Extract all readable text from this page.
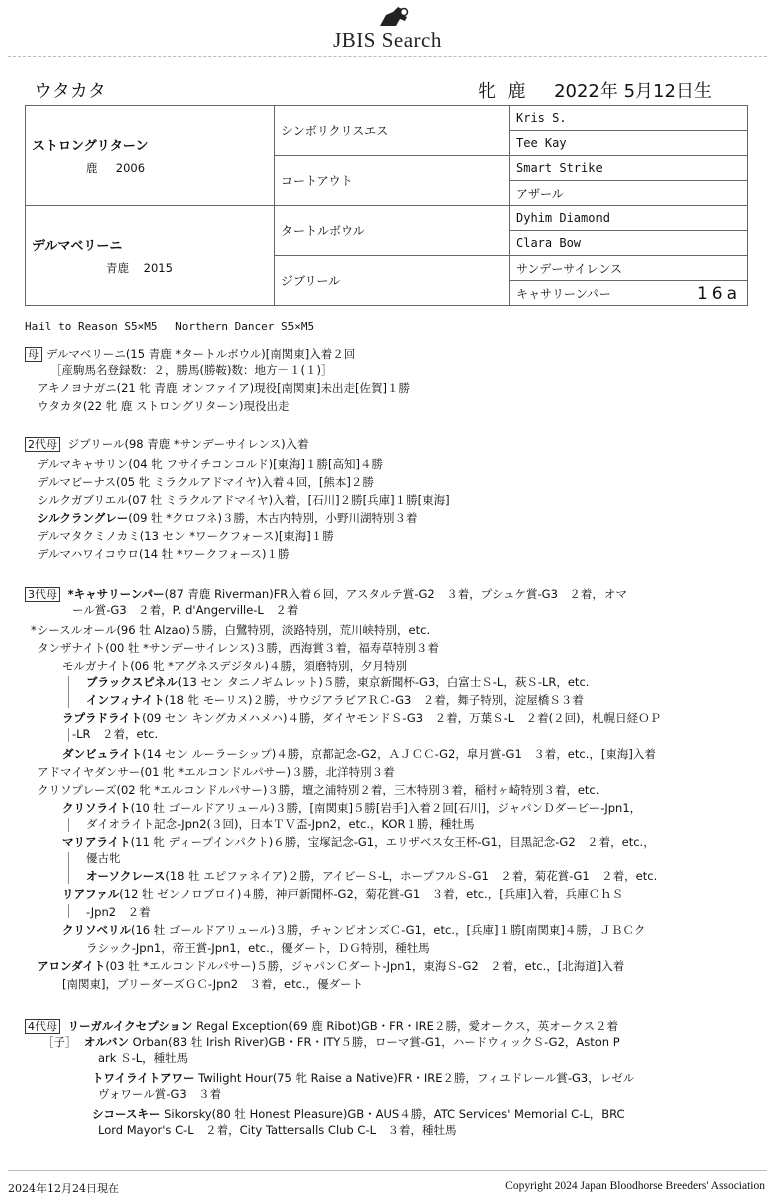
JBIS Search
ウタカタ	牝 鹿 2022年 5月12日生
ストロングリターン
鹿 2006	シンボリクリスエス	Kris S.
		Tee Kay
	コートアウト	Smart Strike
		アザール
デルマベリーニ
青鹿 2015	タートルボウル	Dyhim Diamond
		Clara Bow
	ジブリール	サンデーサイレンス
		キャサリーンパー 16a
Hail to Reason S5×M5　 Northern Dancer S5×M5
母 デルマベリーニ(15 青鹿 *タートルボウル)[南関東]入着２回
［産駒馬名登録数：２，勝馬(勝鞍)数：地方－１(１)］
アキノヨナガニ(21 牝 青鹿 オンファイア)現役[南関東]未出走[佐賀]１勝
ウタカタ(22 牝 鹿 ストロングリターン)現役出走
2代母 ジブリール(98 青鹿 *サンデーサイレンス)入着
デルマキャサリン(04 牝 フサイチコンコルド)[東海]１勝[高知]４勝
デルマビーナス(05 牝 ミラクルアドマイヤ)入着４回，[熊本]２勝
シルクガブリエル(07 牡 ミラクルアドマイヤ)入着，[石川]２勝[兵庫]１勝[東海]
シルクラングレー(09 牡 *クロフネ)３勝，木古内特別，小野川湖特別３着
デルマタクミノカミ(13 セン *ワークフォース)[東海]１勝
デルマハワイコウロ(14 牡 *ワークフォース)１勝
3代母 *キャサリーンパー(87 青鹿 Riverman)FR入着６回，アスタルテ賞-G2　３着，プシュケ賞-G3　２着，オマ
ール賞-G3　２着，P. d'Angerville-L　２着
*シースルオール(96 牡 Alzao)５勝，白鷺特別，淡路特別，荒川峡特別，etc.
タンザナイト(00 牡 *サンデーサイレンス)３勝，西海賞３着，福寿草特別３着
モルガナイト(06 牝 *アグネスデジタル)４勝，須磨特別，夕月特別
ブラックスピネル(13 セン タニノギムレット)５勝，東京新聞杯-G3，白富士Ｓ-L，萩Ｓ-LR，etc.
インフィナイト(18 牝 モーリス)２勝，サウジアラビアＲＣ-G3　２着，舞子特別，淀屋橋Ｓ３着
ラプラドライト(09 セン キングカメハメハ)４勝，ダイヤモンドＳ-G3　２着，万葉Ｓ-L　２着(２回)，札幌日経ＯＰ
-LR　２着，etc.
ダンビュライト(14 セン ルーラーシップ)４勝，京都記念-G2，ＡＪＣＣ-G2，皐月賞-G1　３着，etc.，[東海]入着
アドマイヤダンサー(01 牝 *エルコンドルパサー)３勝，北洋特別３着
クリソプレーズ(02 牝 *エルコンドルパサー)３勝，壇之浦特別２着，三木特別３着，稲村ヶ崎特別３着，etc.
クリソライト(10 牡 ゴールドアリュール)３勝，[南関東]５勝[岩手]入着２回[石川]，ジャパンＤダービー-Jpn1，
ダイオライト記念-Jpn2(３回)，日本ＴＶ盃-Jpn2，etc.，KOR１勝，種牡馬
マリアライト(11 牝 ディープインパクト)６勝，宝塚記念-G1，エリザベス女王杯-G1，目黒記念-G2　２着，etc.，
優古牝
オーソクレース(18 牡 エピファネイア)２勝，アイビーＳ-L，ホープフルＳ-G1　２着，菊花賞-G1　２着，etc.
リアファル(12 牡 ゼンノロブロイ)４勝，神戸新聞杯-G2，菊花賞-G1　３着，etc.，[兵庫]入着，兵庫ＣｈＳ
-Jpn2　２着
クリソベリル(16 牡 ゴールドアリュール)３勝，チャンピオンズＣ-G1，etc.，[兵庫]１勝[南関東]４勝，ＪＢＣク
ラシック-Jpn1，帝王賞-Jpn1，etc.，優ダート，ＤＧ特別，種牡馬
アロンダイト(03 牡 *エルコンドルパサー)５勝，ジャパンＣダート-Jpn1，東海Ｓ-G2　２着，etc.，[北海道]入着
[南関東]，ブリーダーズＧＣ-Jpn2　３着，etc.，優ダート
4代母 リーガルイクセプション Regal Exception(69 鹿 Ribot)GB・FR・IRE２勝，愛オークス，英オークス２着
［子］ オルバン Orban(83 牡 Irish River)GB・FR・ITY５勝，ローマ賞-G1，ハードウィックＳ-G2，Aston P
ark Ｓ-L，種牡馬
トワイライトアワー Twilight Hour(75 牝 Raise a Native)FR・IRE２勝，フィユドレール賞-G3，レゼル
ヴォワール賞-G3　３着
シコースキー Sikorsky(80 牡 Honest Pleasure)GB・AUS４勝，ATC Services' Memorial C-L，BRC
Lord Mayor's C-L　２着，City Tattersalls Club C-L　３着，種牡馬
2024年12月24日現在	Copyright 2024 Japan Bloodhorse Breeders' Association
